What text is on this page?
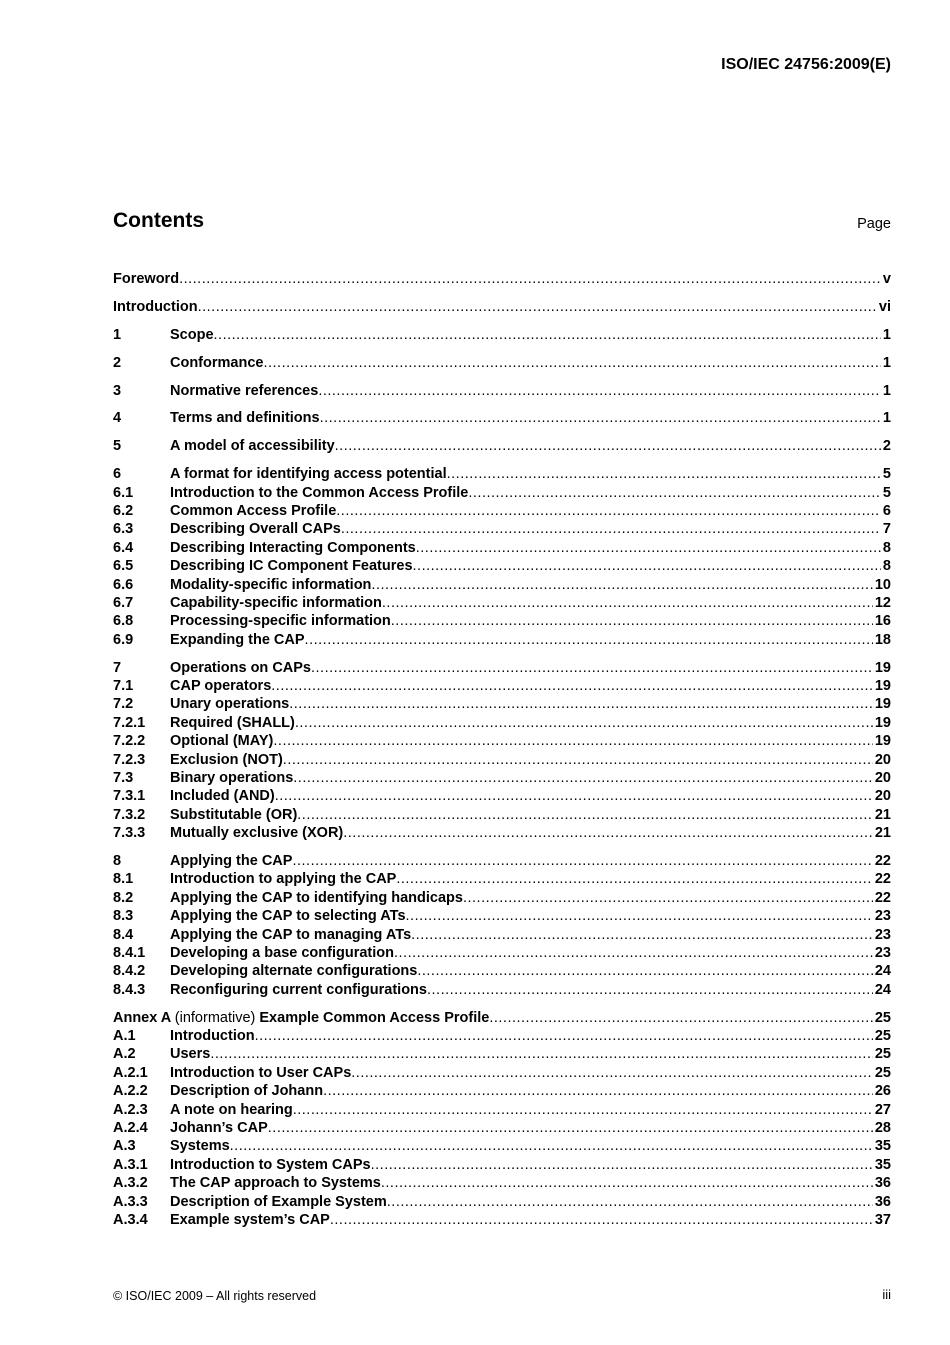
ISO/IEC 24756:2009(E)
Contents	Page
Foreword .....	v
Introduction .....	vi
1	Scope .....	1
2	Conformance .....	1
3	Normative references .....	1
4	Terms and definitions .....	1
5	A model of accessibility .....	2
6	A format for identifying access potential .....	5
6.1	Introduction to the Common Access Profile .....	5
6.2	Common Access Profile .....	6
6.3	Describing Overall CAPs .....	7
6.4	Describing Interacting Components .....	8
6.5	Describing IC Component Features .....	8
6.6	Modality-specific information .....	10
6.7	Capability-specific information .....	12
6.8	Processing-specific information .....	16
6.9	Expanding the CAP .....	18
7	Operations on CAPs .....	19
7.1	CAP operators .....	19
7.2	Unary operations .....	19
7.2.1	Required (SHALL) .....	19
7.2.2	Optional (MAY) .....	19
7.2.3	Exclusion (NOT) .....	20
7.3	Binary operations .....	20
7.3.1	Included (AND) .....	20
7.3.2	Substitutable (OR) .....	21
7.3.3	Mutually exclusive (XOR) .....	21
8	Applying the CAP .....	22
8.1	Introduction to applying the CAP .....	22
8.2	Applying the CAP to identifying handicaps .....	22
8.3	Applying the CAP to selecting ATs .....	23
8.4	Applying the CAP to managing ATs .....	23
8.4.1	Developing a base configuration .....	23
8.4.2	Developing alternate configurations .....	24
8.4.3	Reconfiguring current configurations .....	24
Annex A (informative) Example Common Access Profile .....	25
A.1	Introduction .....	25
A.2	Users .....	25
A.2.1	Introduction to User CAPs .....	25
A.2.2	Description of Johann .....	26
A.2.3	A note on hearing .....	27
A.2.4	Johann’s CAP .....	28
A.3	Systems .....	35
A.3.1	Introduction to System CAPs .....	35
A.3.2	The CAP approach to Systems .....	36
A.3.3	Description of Example System .....	36
A.3.4	Example system’s CAP .....	37
© ISO/IEC 2009 – All rights reserved	iii
